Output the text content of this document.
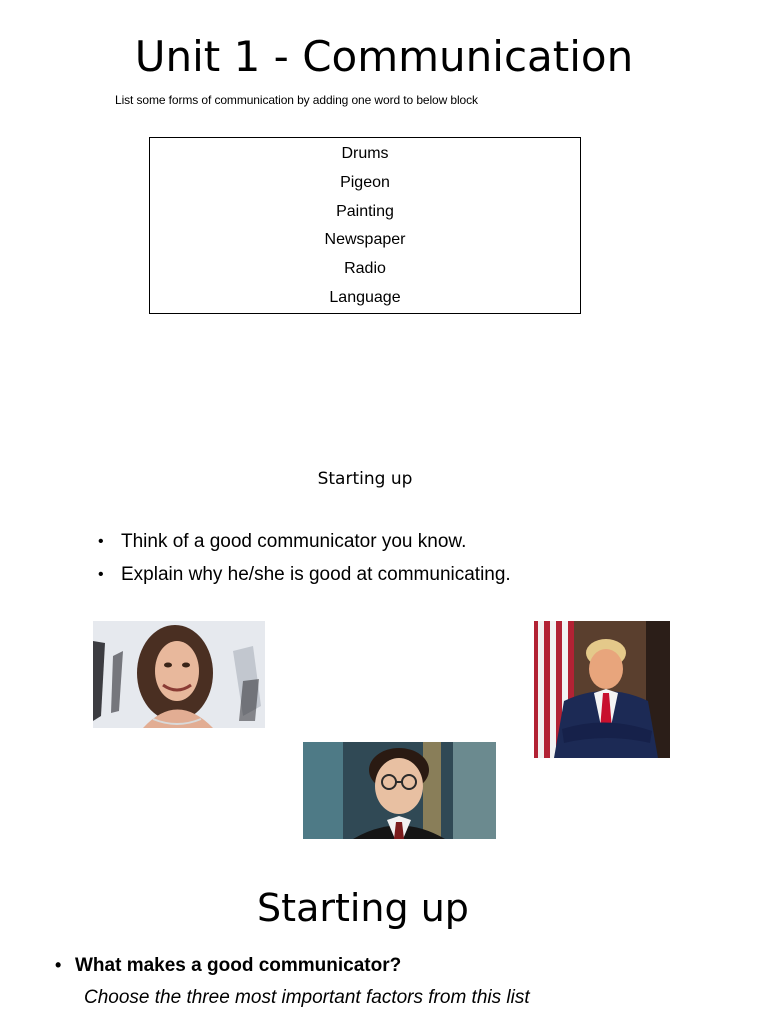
Unit 1 - Communication
List some forms of communication by adding one word to below block
Drums
Pigeon
Painting
Newspaper
Radio
Language
Starting up
• Think of a good communicator you know.
• Explain why he/she is good at communicating.
Starting up
• What makes a good communicator?
Choose the three most important factors from this list
